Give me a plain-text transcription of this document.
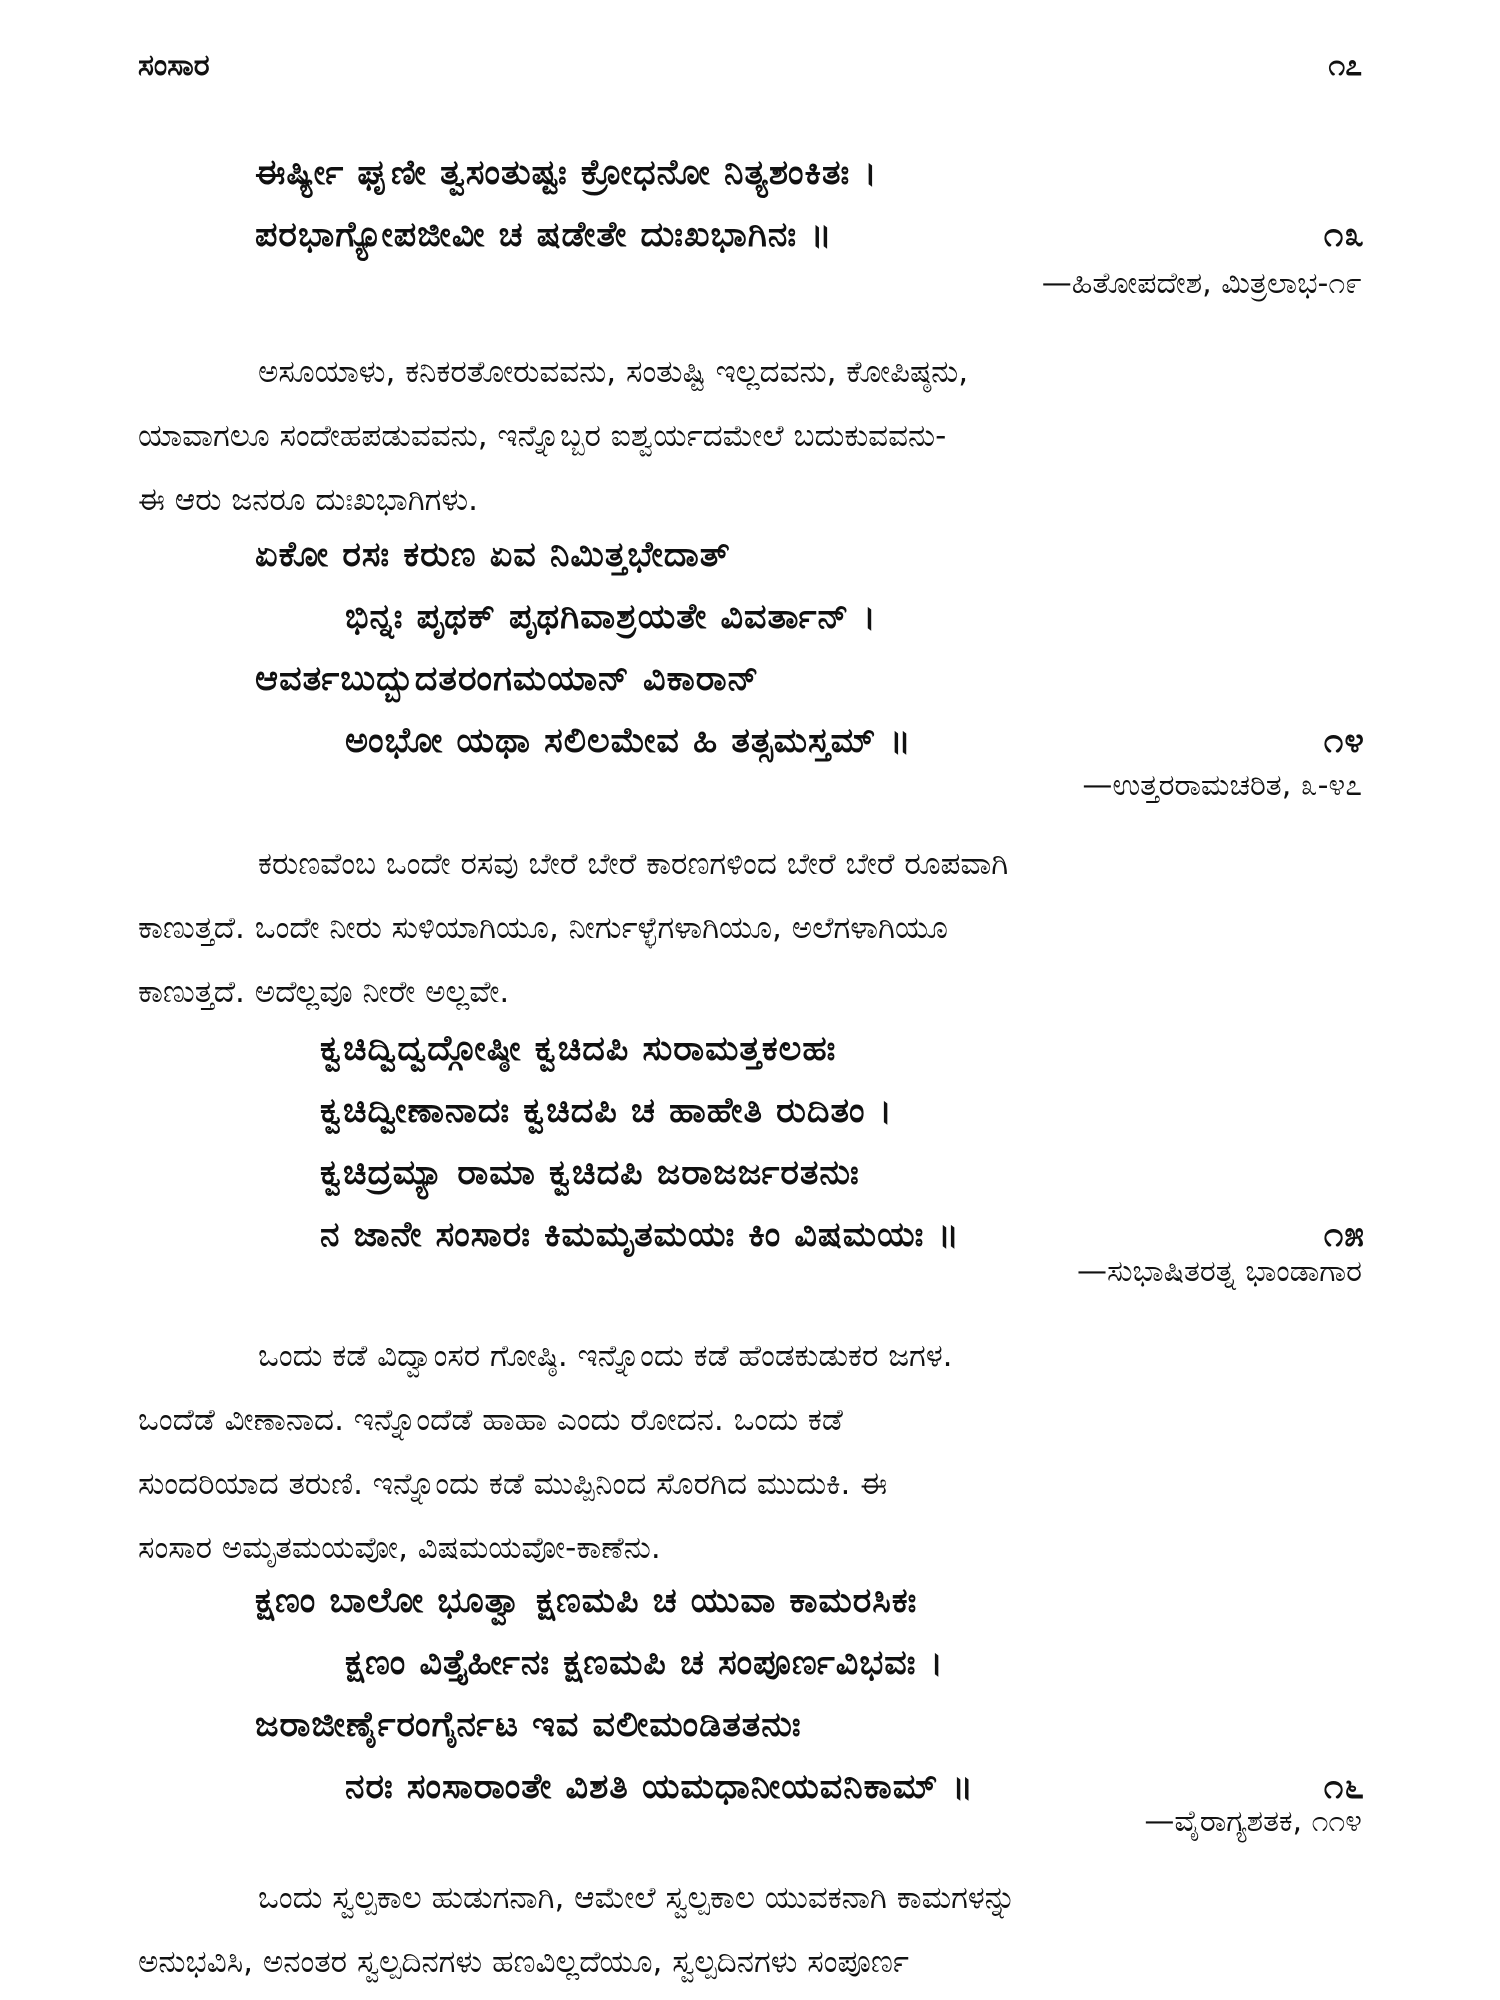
ಸಂಸಾರ	೧೭
ಈರ್ಷ್ಯೀ ಘೃಣೀ ತ್ವಸಂತುಷ್ಟಃ ಕ್ರೋಧನೋ ನಿತ್ಯಶಂಕಿತಃ ।
ಪರಭಾಗ್ಯೋಪಜೀವೀ ಚ ಷಡೇತೇ ದುಃಖಭಾಗಿನಃ ॥	೧೩
—ಹಿತೋಪದೇಶ, ಮಿತ್ರಲಾಭ-೧೯
ಅಸೂಯಾಳು, ಕನಿಕರತೋರುವವನು, ಸಂತುಷ್ಟಿ ಇಲ್ಲದವನು, ಕೋಪಿಷ್ಠನು,
ಯಾವಾಗಲೂ ಸಂದೇಹಪಡುವವನು, ಇನ್ನೊಬ್ಬರ ಐಶ್ವರ್ಯದಮೇಲೆ ಬದುಕುವವನು-
ಈ ಆರು ಜನರೂ ದುಃಖಭಾಗಿಗಳು.
ಏಕೋ ರಸಃ ಕರುಣ ಏವ ನಿಮಿತ್ತಭೇದಾತ್
ಭಿನ್ನಃ ಪೃಥಕ್ ಪೃಥಗಿವಾಶ್ರಯತೇ ವಿವರ್ತಾನ್ ।
ಆವರ್ತಬುದ್ಬುದತರಂಗಮಯಾನ್ ವಿಕಾರಾನ್
ಅಂಭೋ ಯಥಾ ಸಲಿಲಮೇವ ಹಿ ತತ್ಸಮಸ್ತಮ್ ॥	೧೪
—ಉತ್ತರರಾಮಚರಿತ, ೩-೪೭
ಕರುಣವೆಂಬ ಒಂದೇ ರಸವು ಬೇರೆ ಬೇರೆ ಕಾರಣಗಳಿಂದ ಬೇರೆ ಬೇರೆ ರೂಪವಾಗಿ
ಕಾಣುತ್ತದೆ. ಒಂದೇ ನೀರು ಸುಳಿಯಾಗಿಯೂ, ನೀರ್ಗುಳ್ಳೆಗಳಾಗಿಯೂ, ಅಲೆಗಳಾಗಿಯೂ
ಕಾಣುತ್ತದೆ. ಅದೆಲ್ಲವೂ ನೀರೇ ಅಲ್ಲವೇ.
ಕ್ವಚಿದ್ವಿದ್ವದ್ಗೋಷ್ಠೀ ಕ್ವಚಿದಪಿ ಸುರಾಮತ್ತಕಲಹಃ
ಕ್ವಚಿದ್ವೀಣಾನಾದಃ ಕ್ವಚಿದಪಿ ಚ ಹಾಹೇತಿ ರುದಿತಂ ।
ಕ್ವಚಿದ್ರಮ್ಯಾ ರಾಮಾ ಕ್ವಚಿದಪಿ ಜರಾಜರ್ಜರತನುಃ
ನ ಜಾನೇ ಸಂಸಾರಃ ಕಿಮಮೃತಮಯಃ ಕಿಂ ವಿಷಮಯಃ ॥	೧೫
—ಸುಭಾಷಿತರತ್ನ ಭಾಂಡಾಗಾರ
ಒಂದು ಕಡೆ ವಿದ್ವಾಂಸರ ಗೋಷ್ಠಿ. ಇನ್ನೊಂದು ಕಡೆ ಹೆಂಡಕುಡುಕರ ಜಗಳ.
ಒಂದೆಡೆ ವೀಣಾನಾದ. ಇನ್ನೊಂದೆಡೆ ಹಾಹಾ ಎಂದು ರೋದನ. ಒಂದು ಕಡೆ
ಸುಂದರಿಯಾದ ತರುಣಿ. ಇನ್ನೊಂದು ಕಡೆ ಮುಪ್ಪಿನಿಂದ ಸೊರಗಿದ ಮುದುಕಿ. ಈ
ಸಂಸಾರ ಅಮೃತಮಯವೋ, ವಿಷಮಯವೋ-ಕಾಣೆನು.
ಕ್ಷಣಂ ಬಾಲೋ ಭೂತ್ವಾ ಕ್ಷಣಮಪಿ ಚ ಯುವಾ ಕಾಮರಸಿಕಃ
ಕ್ಷಣಂ ವಿತ್ತೈರ್ಹೀನಃ ಕ್ಷಣಮಪಿ ಚ ಸಂಪೂರ್ಣವಿಭವಃ ।
ಜರಾಜೀರ್ಣೈರಂಗೈರ್ನಟ ಇವ ವಲೀಮಂಡಿತತನುಃ
ನರಃ ಸಂಸಾರಾಂತೇ ವಿಶತಿ ಯಮಧಾನೀಯವನಿಕಾಮ್ ॥	೧೬
—ವೈರಾಗ್ಯಶತಕ, ೧೧೪
ಒಂದು ಸ್ವಲ್ಪಕಾಲ ಹುಡುಗನಾಗಿ, ಆಮೇಲೆ ಸ್ವಲ್ಪಕಾಲ ಯುವಕನಾಗಿ ಕಾಮಗಳನ್ನು
ಅನುಭವಿಸಿ, ಅನಂತರ ಸ್ವಲ್ಪದಿನಗಳು ಹಣವಿಲ್ಲದೆಯೂ, ಸ್ವಲ್ಪದಿನಗಳು ಸಂಪೂರ್ಣ
